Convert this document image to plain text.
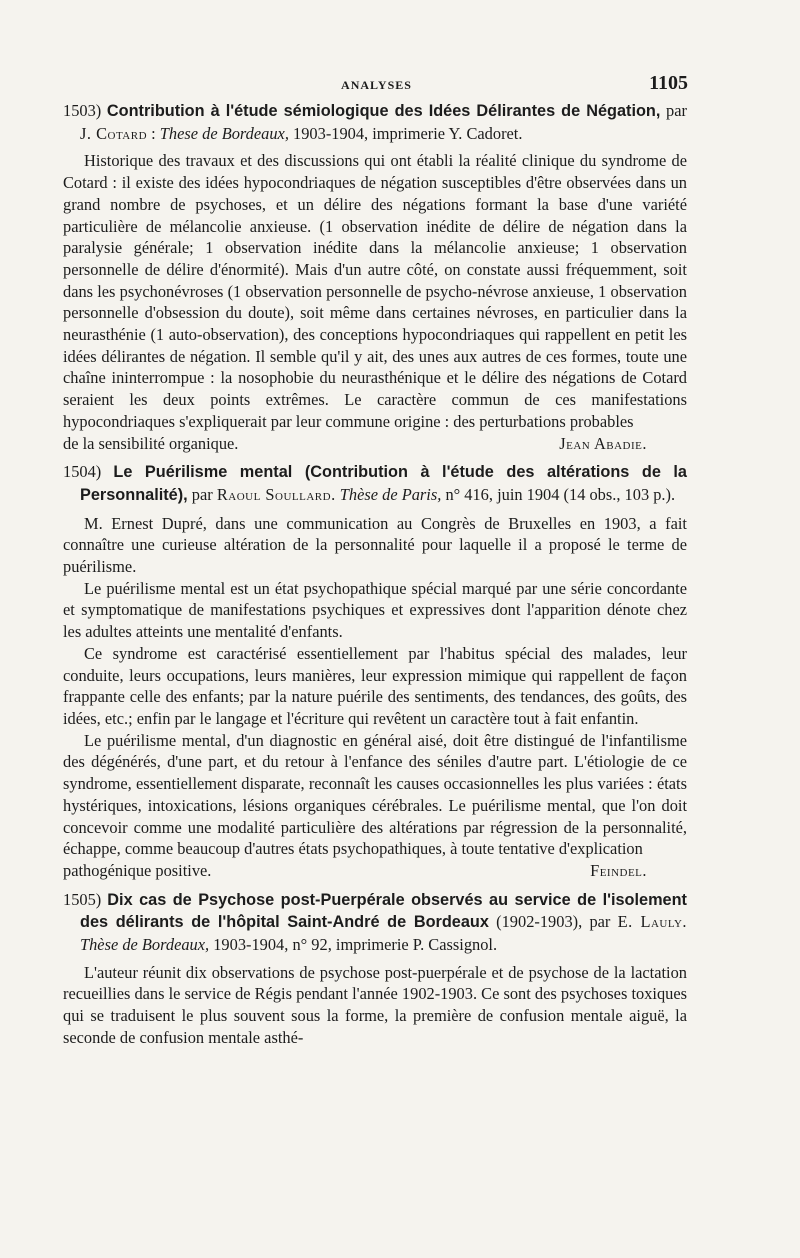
ANALYSES	1105

1503) Contribution à l'étude sémiologique des Idées Délirantes de Négation, par J. Cotard : These de Bordeaux, 1903-1904, imprimerie Y. Cadoret.

Historique des travaux et des discussions qui ont établi la réalité clinique du syndrome de Cotard : il existe des idées hypocondriaques de négation susceptibles d'être observées dans un grand nombre de psychoses, et un délire des négations formant la base d'une variété particulière de mélancolie anxieuse. (1 observation inédite de délire de négation dans la paralysie générale; 1 observation inédite dans la mélancolie anxieuse; 1 observation personnelle de délire d'énormité). Mais d'un autre côté, on constate aussi fréquemment, soit dans les psychonévroses (1 observation personnelle de psycho-névrose anxieuse, 1 observation personnelle d'obsession du doute), soit même dans certaines névroses, en particulier dans la neurasthénie (1 auto-observation), des conceptions hypocondriaques qui rappellent en petit les idées délirantes de négation. Il semble qu'il y ait, des unes aux autres de ces formes, toute une chaîne ininterrompue : la nosophobie du neurasthénique et le délire des négations de Cotard seraient les deux points extrêmes. Le caractère commun de ces manifestations hypocondriaques s'expliquerait par leur commune origine : des perturbations probables
de la sensibilité organique.	Jean Abadie.

1504) Le Puérilisme mental (Contribution à l'étude des altérations de la Personnalité), par Raoul Soullard. Thèse de Paris, n° 416, juin 1904 (14 obs., 103 p.).

M. Ernest Dupré, dans une communication au Congrès de Bruxelles en 1903, a fait connaître une curieuse altération de la personnalité pour laquelle il a proposé le terme de puérilisme.

Le puérilisme mental est un état psychopathique spécial marqué par une série concordante et symptomatique de manifestations psychiques et expressives dont l'apparition dénote chez les adultes atteints une mentalité d'enfants.

Ce syndrome est caractérisé essentiellement par l'habitus spécial des malades, leur conduite, leurs occupations, leurs manières, leur expression mimique qui rappellent de façon frappante celle des enfants; par la nature puérile des sentiments, des tendances, des goûts, des idées, etc.; enfin par le langage et l'écriture qui revêtent un caractère tout à fait enfantin.

Le puérilisme mental, d'un diagnostic en général aisé, doit être distingué de l'infantilisme des dégénérés, d'une part, et du retour à l'enfance des séniles d'autre part. L'étiologie de ce syndrome, essentiellement disparate, reconnaît les causes occasionnelles les plus variées : états hystériques, intoxications, lésions organiques cérébrales. Le puérilisme mental, que l'on doit concevoir comme une modalité particulière des altérations par régression de la personnalité, échappe, comme beaucoup d'autres états psychopathiques, à toute tentative d'explication
pathogénique positive.	Feindel.

1505) Dix cas de Psychose post-Puerpérale observés au service de l'isolement des délirants de l'hôpital Saint-André de Bordeaux (1902-1903), par E. Lauly. Thèse de Bordeaux, 1903-1904, n° 92, imprimerie P. Cassignol.

L'auteur réunit dix observations de psychose post-puerpérale et de psychose de la lactation recueillies dans le service de Régis pendant l'année 1902-1903. Ce sont des psychoses toxiques qui se traduisent le plus souvent sous la forme, la première de confusion mentale aiguë, la seconde de confusion mentale asthé-
